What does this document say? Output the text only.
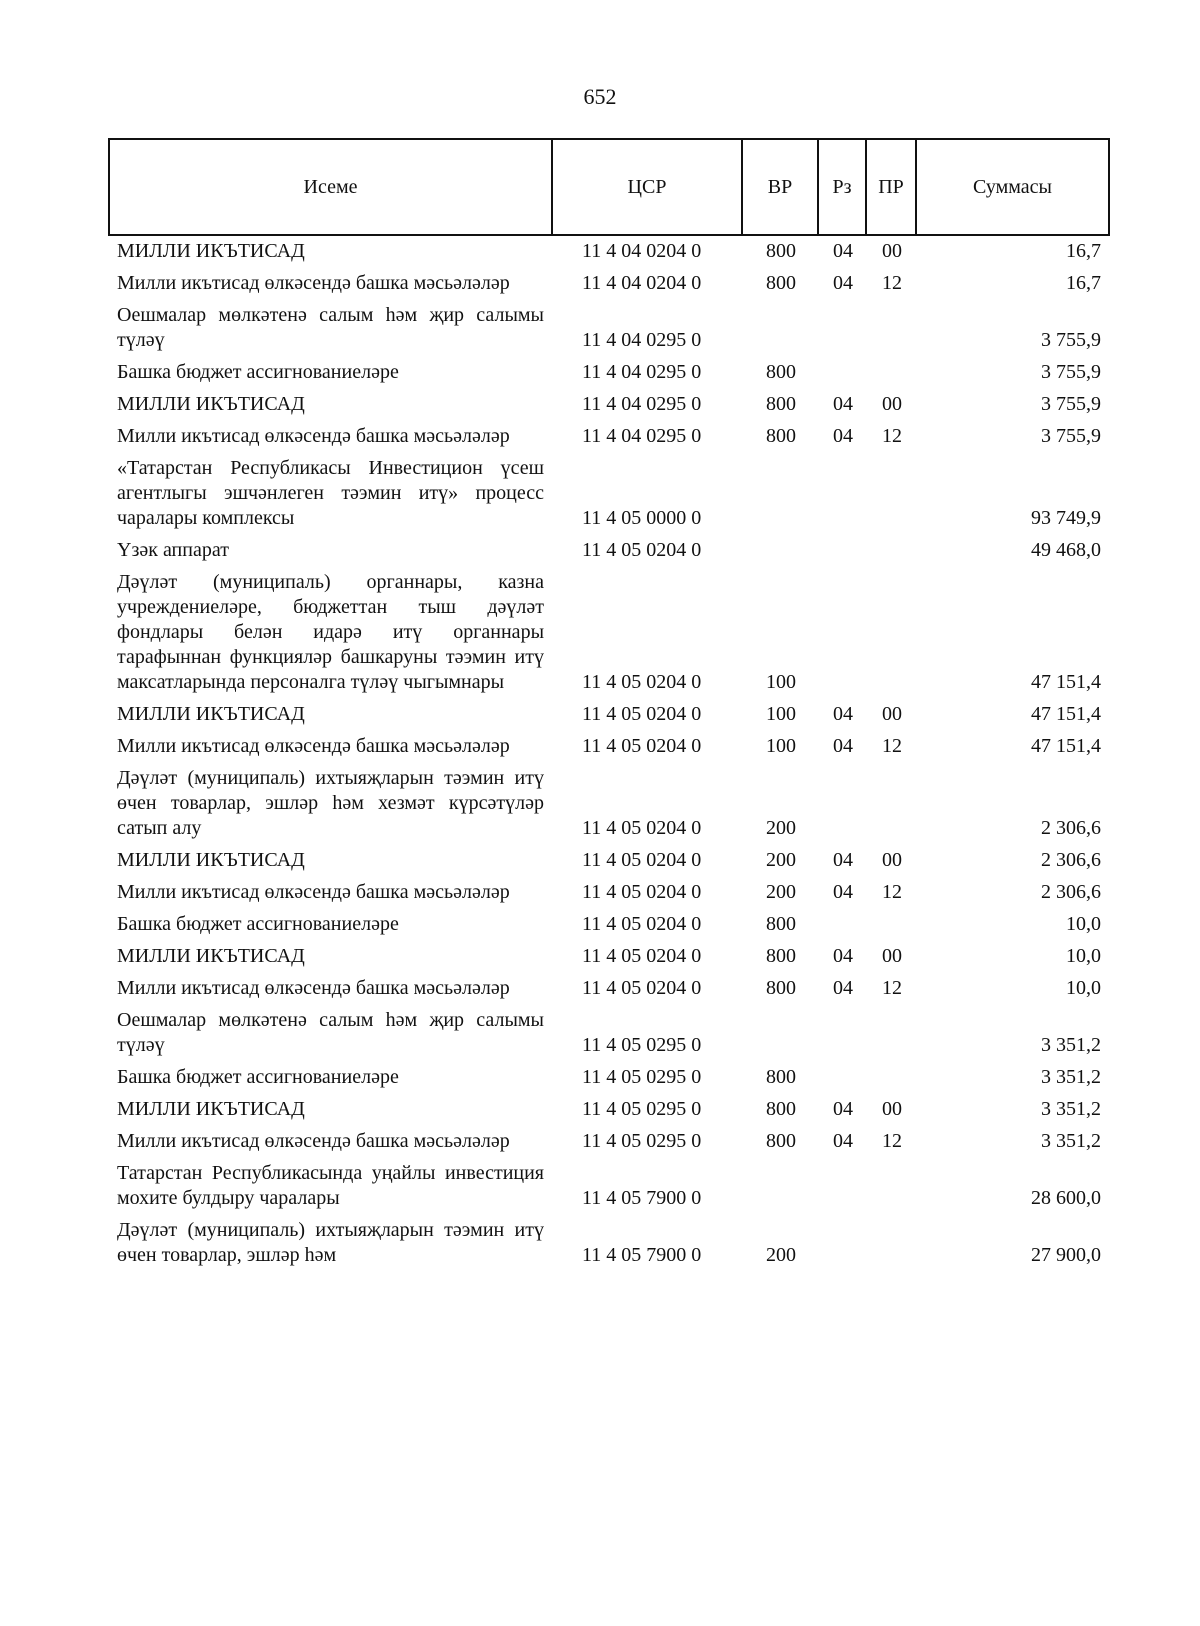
652
Исеме	ЦСР	ВР	Рз	ПР	Суммасы
МИЛЛИ ИКЪТИСАД	11 4 04 0204 0	800	04	00	16,7
Милли икътисад өлкәсендә башка мәсьәләләр	11 4 04 0204 0	800	04	12	16,7
Оешмалар мөлкәтенә салым һәм җир салымы түләү	11 4 04 0295 0				3 755,9
Башка бюджет ассигнованиеләре	11 4 04 0295 0	800			3 755,9
МИЛЛИ ИКЪТИСАД	11 4 04 0295 0	800	04	00	3 755,9
Милли икътисад өлкәсендә башка мәсьәләләр	11 4 04 0295 0	800	04	12	3 755,9
«Татарстан Республикасы Инвестицион үсеш агентлыгы эшчәнлеген тәэмин итү» процесс чаралары комплексы	11 4 05 0000 0				93 749,9
Үзәк аппарат	11 4 05 0204 0				49 468,0
Дәүләт (муниципаль) органнары, казна учреждениеләре, бюджеттан тыш дәүләт фондлары белән идарә итү органнары тарафыннан функцияләр башкаруны тәэмин итү максатларында персоналга түләү чыгымнары	11 4 05 0204 0	100			47 151,4
МИЛЛИ ИКЪТИСАД	11 4 05 0204 0	100	04	00	47 151,4
Милли икътисад өлкәсендә башка мәсьәләләр	11 4 05 0204 0	100	04	12	47 151,4
Дәүләт (муниципаль) ихтыяҗларын тәэмин итү өчен товарлар, эшләр һәм хезмәт күрсәтүләр сатып алу	11 4 05 0204 0	200			2 306,6
МИЛЛИ ИКЪТИСАД	11 4 05 0204 0	200	04	00	2 306,6
Милли икътисад өлкәсендә башка мәсьәләләр	11 4 05 0204 0	200	04	12	2 306,6
Башка бюджет ассигнованиеләре	11 4 05 0204 0	800			10,0
МИЛЛИ ИКЪТИСАД	11 4 05 0204 0	800	04	00	10,0
Милли икътисад өлкәсендә башка мәсьәләләр	11 4 05 0204 0	800	04	12	10,0
Оешмалар мөлкәтенә салым һәм җир салымы түләү	11 4 05 0295 0				3 351,2
Башка бюджет ассигнованиеләре	11 4 05 0295 0	800			3 351,2
МИЛЛИ ИКЪТИСАД	11 4 05 0295 0	800	04	00	3 351,2
Милли икътисад өлкәсендә башка мәсьәләләр	11 4 05 0295 0	800	04	12	3 351,2
Татарстан Республикасында уңайлы инвестиция мохите булдыру чаралары	11 4 05 7900 0				28 600,0
Дәүләт (муниципаль) ихтыяҗларын тәэмин итү өчен товарлар, эшләр һәм	11 4 05 7900 0	200			27 900,0
